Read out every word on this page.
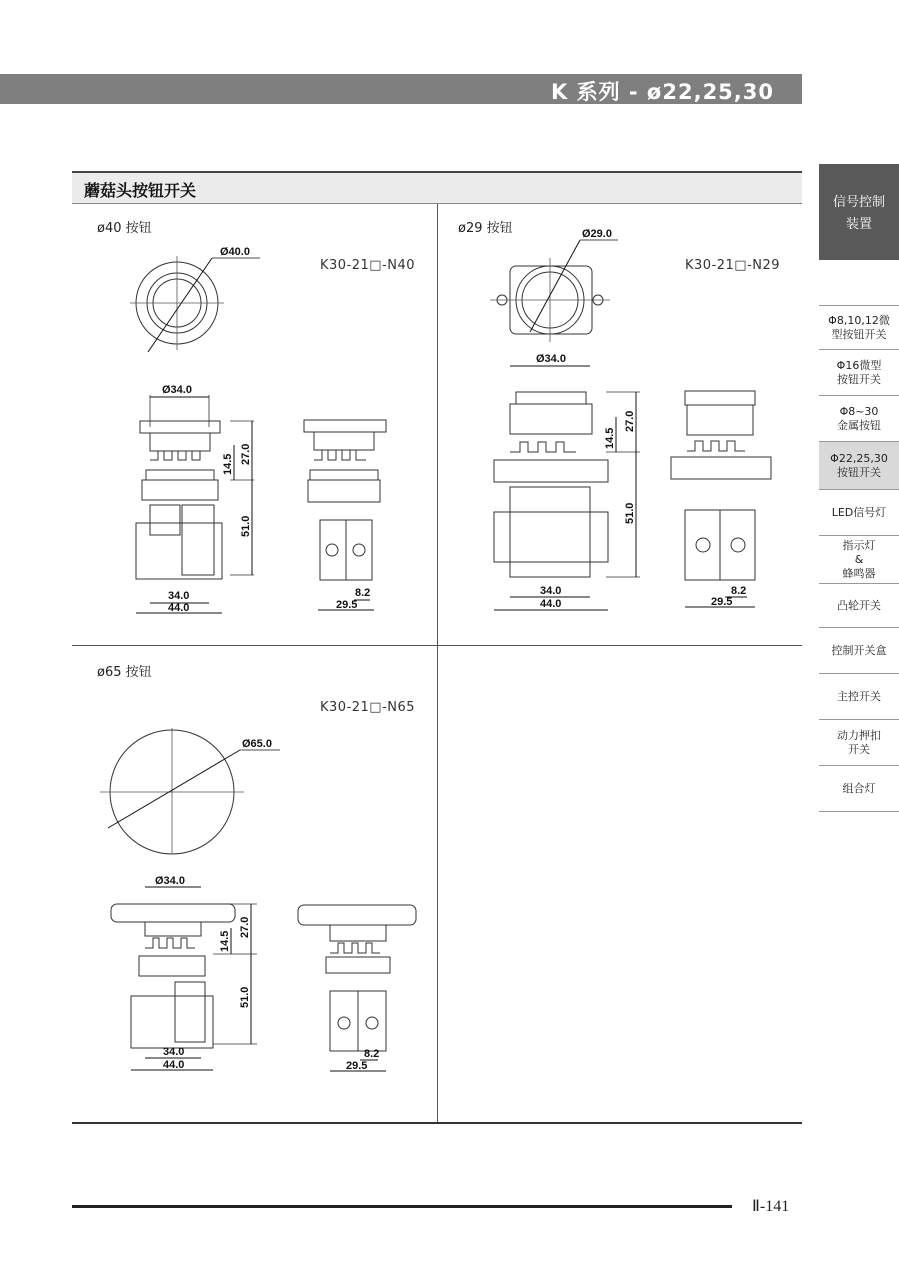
K 系列 - ø22,25,30
蘑菇头按钮开关
ø40 按钮
K30-21□-N40
ø29 按钮
K30-21□-N29
ø65 按钮
K30-21□-N65
Ø40.0
Ø34.0
27.0
14.5
51.0
34.0
44.0
8.2
29.5
Ø29.0
Ø34.0
27.0
14.5
51.0
34.0
44.0
8.2
29.5
Ø65.0
Ø34.0
27.0
14.5
51.0
34.0
44.0
8.2
29.5
信号控制
装置
Φ8,10,12微
型按钮开关
Φ16微型
按钮开关
Φ8~30
金属按钮
Φ22,25,30
按钮开关
LED信号灯
指示灯
&
蜂鸣器
凸轮开关
控制开关盒
主控开关
动力押扣
开关
组合灯
Ⅱ-141
